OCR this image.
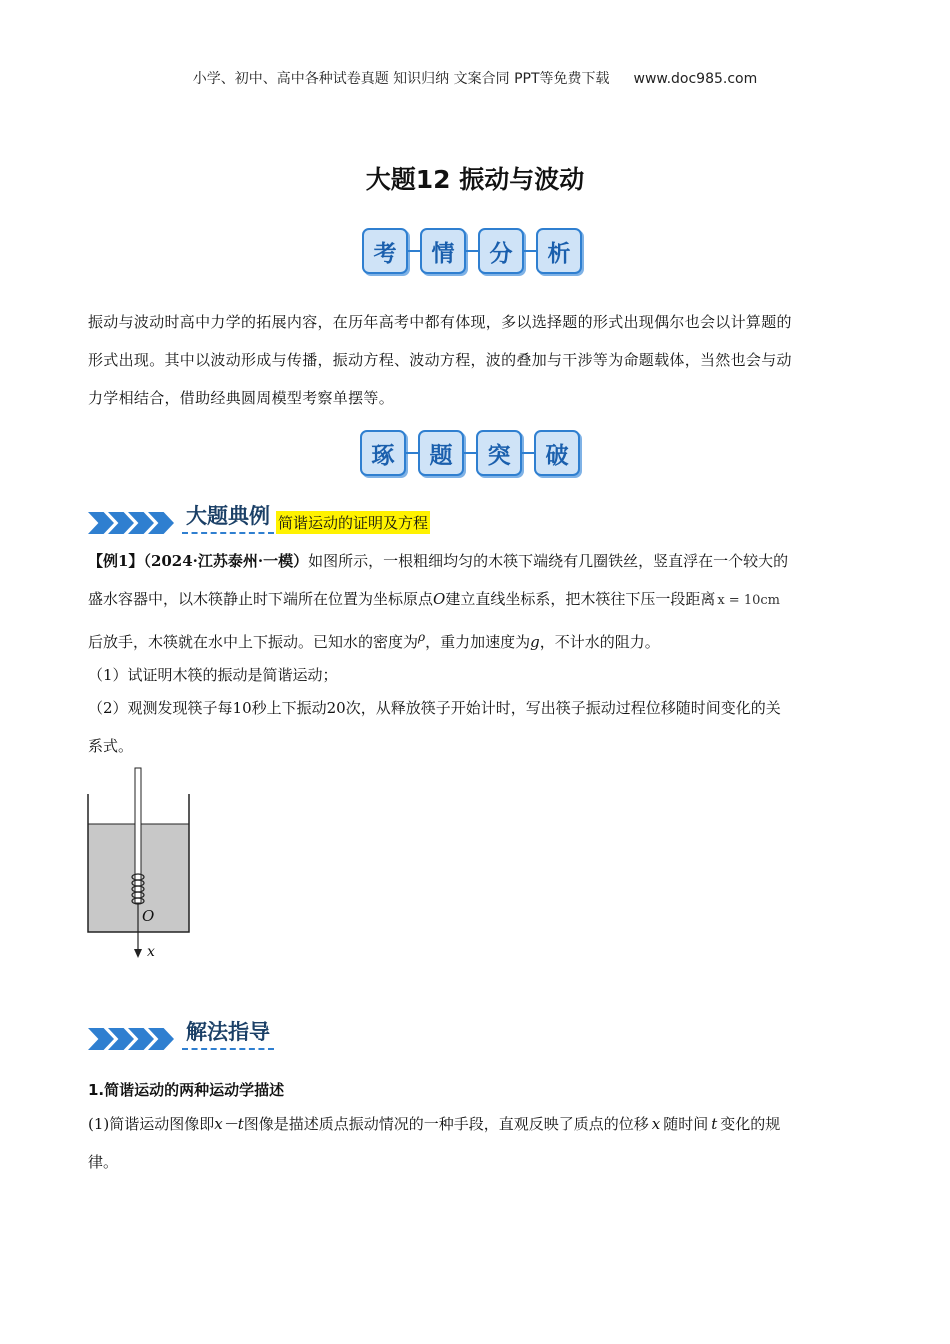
小学、初中、高中各种试卷真题 知识归纳 文案合同 PPT等免费下载 www.doc985.com
大题12 振动与波动
考	情	分	析
振动与波动时高中力学的拓展内容，在历年高考中都有体现，多以选择题的形式出现偶尔也会以计算题的
形式出现。其中以波动形成与传播，振动方程、波动方程，波的叠加与干涉等为命题载体，当然也会与动
力学相结合，借助经典圆周模型考察单摆等。
琢	题	突	破
大题典例 简谐运动的证明及方程
【例1】（2024·江苏泰州·一模）如图所示，一根粗细均匀的木筷下端绕有几圈铁丝，竖直浮在一个较大的
盛水容器中，以木筷静止时下端所在位置为坐标原点O建立直线坐标系，把木筷往下压一段距离 x = 10cm
后放手，木筷就在水中上下振动。已知水的密度为$^\rho$，重力加速度为g，不计水的阻力。
（1）试证明木筷的振动是简谐运动；
（2）观测发现筷子每10秒上下振动20次，从释放筷子开始计时，写出筷子振动过程位移随时间变化的关
系式。
O
x
解法指导
1.简谐运动的两种运动学描述
(1)简谐运动图像即x－t图像是描述质点振动情况的一种手段，直观反映了质点的位移 x 随时间 t 变化的规
律。
